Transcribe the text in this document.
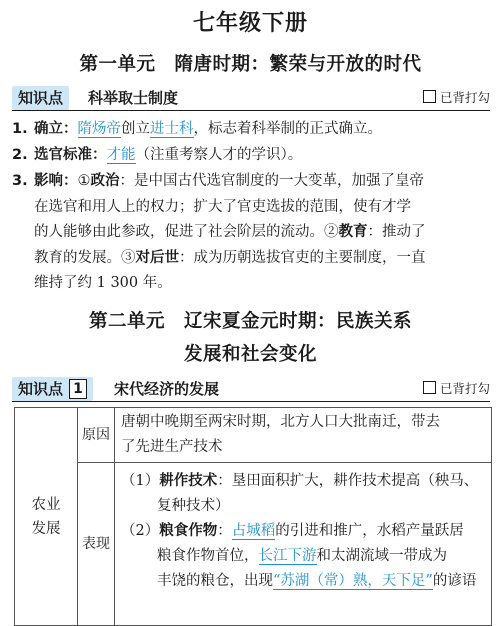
七年级下册
第一单元　隋唐时期：繁荣与开放的时代
知识点	科举取士制度	已背打勾
1. 确立：隋炀帝创立进士科，标志着科举制的正式确立。
2. 选官标准：才能（注重考察人才的学识）。
3. 影响：①政治：是中国古代选官制度的一大变革，加强了皇帝
在选官和用人上的权力；扩大了官吏选拔的范围，使有才学
的人能够由此参政，促进了社会阶层的流动。②教育：推动了
教育的发展。③对后世：成为历朝选拔官吏的主要制度，一直
维持了约 1 300 年。
第二单元　辽宋夏金元时期：民族关系
发展和社会变化
知识点 1	宋代经济的发展	已背打勾
农业
发展	原因	唐朝中晚期至两宋时期，北方人口大批南迁，带去
了先进生产技术
	表现	（1）耕作技术：垦田面积扩大，耕作技术提高（秧马、
复种技术）
（2）粮食作物：占城稻的引进和推广，水稻产量跃居
粮食作物首位，长江下游和太湖流域一带成为
丰饶的粮仓，出现“苏湖（常）熟，天下足”的谚语
